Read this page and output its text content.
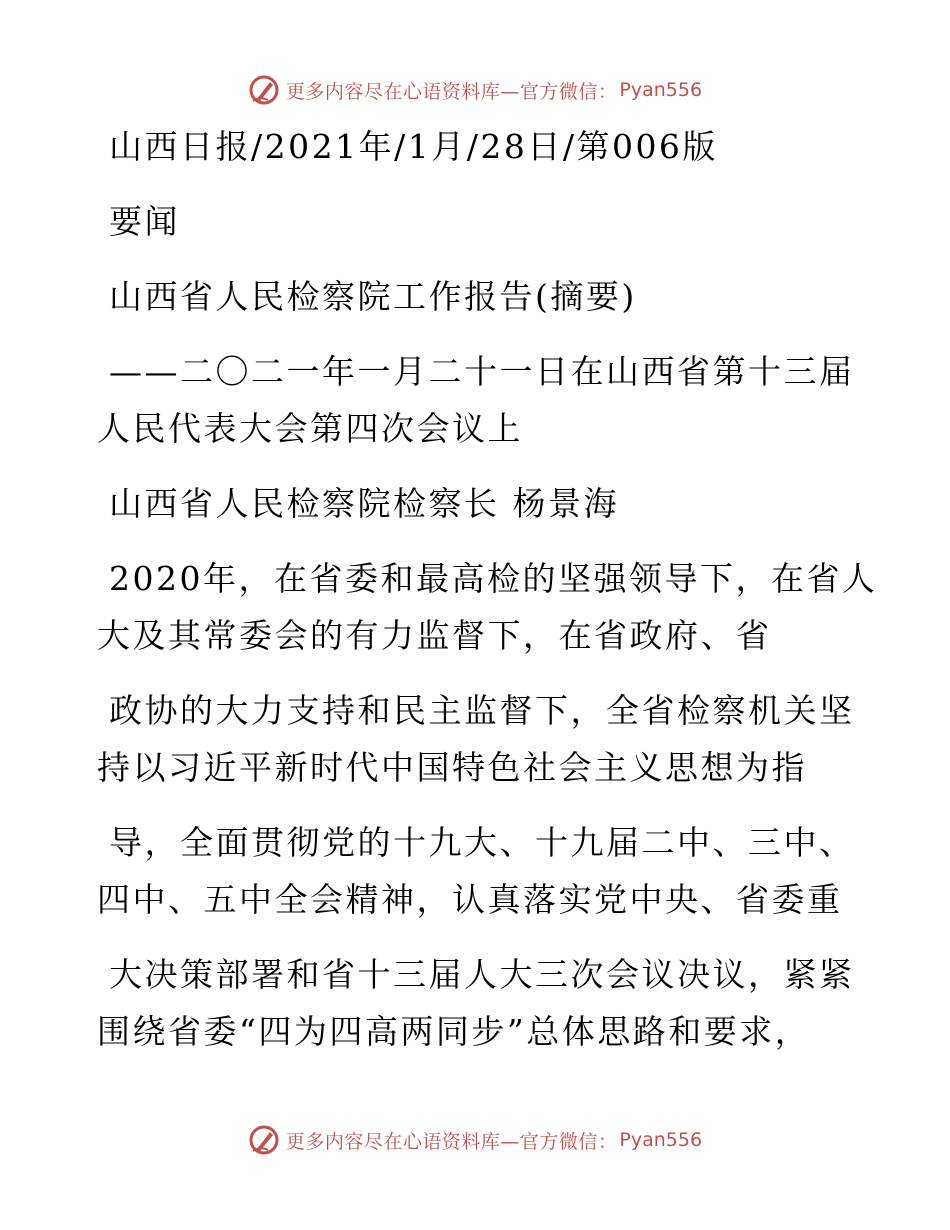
更多内容尽在心语资料库—官方微信： Pyan556

山西日报/2021年/1月/28日/第006版

要闻

山西省人民检察院工作报告(摘要)

——二〇二一年一月二十一日在山西省第十三届

人民代表大会第四次会议上

山西省人民检察院检察长 杨景海

2020年，在省委和最高检的坚强领导下，在省人

大及其常委会的有力监督下，在省政府、省

政协的大力支持和民主监督下，全省检察机关坚

持以习近平新时代中国特色社会主义思想为指

导，全面贯彻党的十九大、十九届二中、三中、

四中、五中全会精神，认真落实党中央、省委重

大决策部署和省十三届人大三次会议决议，紧紧

围绕省委“四为四高两同步”总体思路和要求，

更多内容尽在心语资料库—官方微信： Pyan556
